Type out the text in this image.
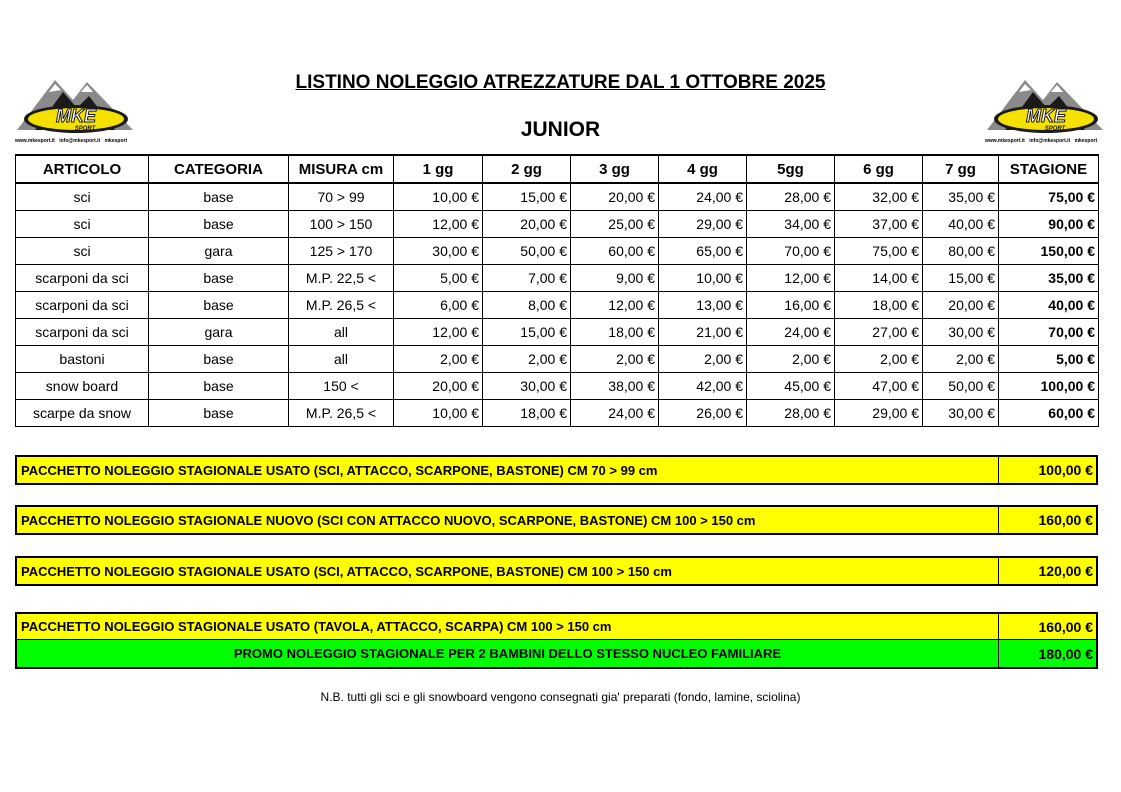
MKE
SPORT
www.mkesport.it info@mkesport.it mkesport
MKE
SPORT
www.mkesport.it info@mkesport.it mkesport
LISTINO NOLEGGIO ATREZZATURE DAL 1 OTTOBRE 2025
JUNIOR
ARTICOLO	CATEGORIA	MISURA cm	1 gg	2 gg	3 gg	4 gg	5gg	6 gg	7 gg	STAGIONE
sci	base	70 > 99	10,00 €	15,00 €	20,00 €	24,00 €	28,00 €	32,00 €	35,00 €	75,00 €
sci	base	100 > 150	12,00 €	20,00 €	25,00 €	29,00 €	34,00 €	37,00 €	40,00 €	90,00 €
sci	gara	125 > 170	30,00 €	50,00 €	60,00 €	65,00 €	70,00 €	75,00 €	80,00 €	150,00 €
scarponi da sci	base	M.P. 22,5 <	5,00 €	7,00 €	9,00 €	10,00 €	12,00 €	14,00 €	15,00 €	35,00 €
scarponi da sci	base	M.P. 26,5 <	6,00 €	8,00 €	12,00 €	13,00 €	16,00 €	18,00 €	20,00 €	40,00 €
scarponi da sci	gara	all	12,00 €	15,00 €	18,00 €	21,00 €	24,00 €	27,00 €	30,00 €	70,00 €
bastoni	base	all	2,00 €	2,00 €	2,00 €	2,00 €	2,00 €	2,00 €	2,00 €	5,00 €
snow board	base	150 <	20,00 €	30,00 €	38,00 €	42,00 €	45,00 €	47,00 €	50,00 €	100,00 €
scarpe da snow	base	M.P. 26,5 <	10,00 €	18,00 €	24,00 €	26,00 €	28,00 €	29,00 €	30,00 €	60,00 €
PACCHETTO NOLEGGIO STAGIONALE USATO (SCI, ATTACCO, SCARPONE, BASTONE) CM 70 > 99 cm	100,00 €
PACCHETTO NOLEGGIO STAGIONALE NUOVO (SCI CON ATTACCO NUOVO, SCARPONE, BASTONE) CM 100 > 150 cm	160,00 €
PACCHETTO NOLEGGIO STAGIONALE USATO (SCI, ATTACCO, SCARPONE, BASTONE) CM 100 > 150 cm	120,00 €
PACCHETTO NOLEGGIO STAGIONALE USATO (TAVOLA, ATTACCO, SCARPA) CM 100 > 150 cm	160,00 €
PROMO NOLEGGIO STAGIONALE PER 2 BAMBINI DELLO STESSO NUCLEO FAMILIARE	180,00 €
N.B. tutti gli sci e gli snowboard vengono consegnati gia' preparati (fondo, lamine, sciolina)
